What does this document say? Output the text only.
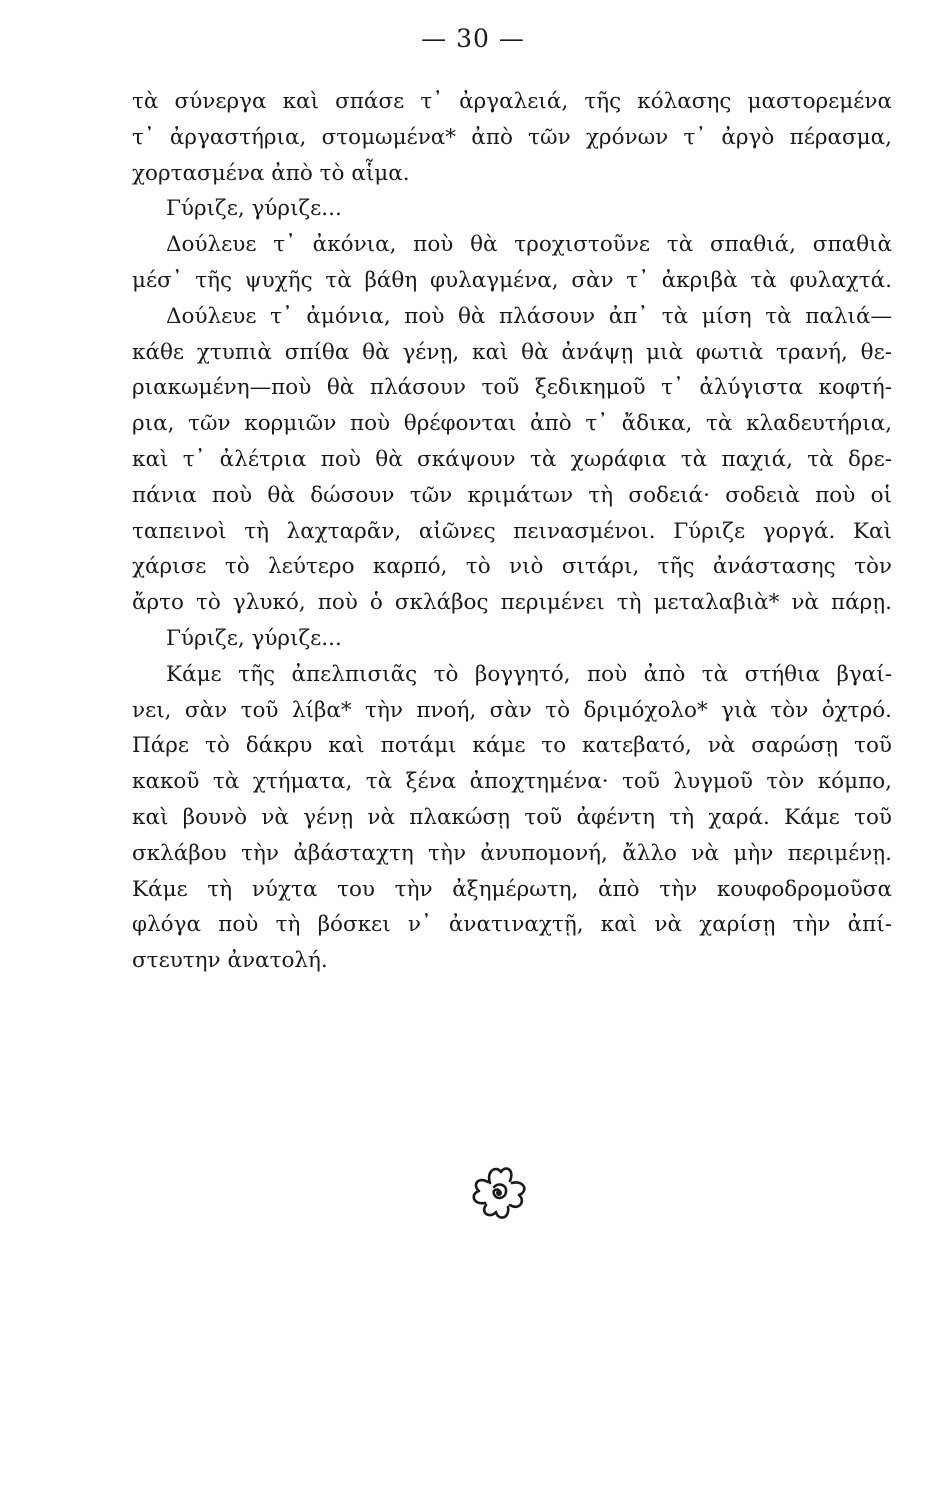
— 30 —
τὰ σύνεργα καὶ σπάσε τ᾽ ἀργαλειά, τῆς κόλασης μαστορεμένα
τ᾽ ἀργαστήρια, στομωμένα* ἀπὸ τῶν χρόνων τ᾽ ἀργὸ πέρασμα,
χορτασμένα ἀπὸ τὸ αἷμα.
Γύριζε, γύριζε...
Δούλευε τ᾽ ἀκόνια, ποὺ θὰ τροχιστοῦνε τὰ σπαθιά, σπαθιὰ
μέσ᾽ τῆς ψυχῆς τὰ βάθη φυλαγμένα, σὰν τ᾽ ἀκριβὰ τὰ φυλαχτά.
Δούλευε τ᾽ ἀμόνια, ποὺ θὰ πλάσουν ἀπ᾽ τὰ μίση τὰ παλιά—
κάθε χτυπιὰ σπίθα θὰ γένῃ, καὶ θὰ ἀνάψῃ μιὰ φωτιὰ τρανή, θε-
ριακωμένη—ποὺ θὰ πλάσουν τοῦ ξεδικημοῦ τ᾽ ἀλύγιστα κοφτή-
ρια, τῶν κορμιῶν ποὺ θρέφονται ἀπὸ τ᾽ ἄδικα, τὰ κλαδευτήρια,
καὶ τ᾽ ἀλέτρια ποὺ θὰ σκάψουν τὰ χωράφια τὰ παχιά, τὰ δρε-
πάνια ποὺ θὰ δώσουν τῶν κριμάτων τὴ σοδειά· σοδειὰ ποὺ οἱ
ταπεινοὶ τὴ λαχταρᾶν, αἰῶνες πεινασμένοι. Γύριζε γοργά. Καὶ
χάρισε τὸ λεύτερο καρπό, τὸ νιὸ σιτάρι, τῆς ἀνάστασης τὸν
ἄρτο τὸ γλυκό, ποὺ ὁ σκλάβος περιμένει τὴ μεταλαβιὰ* νὰ πάρῃ.
Γύριζε, γύριζε...
Κάμε τῆς ἀπελπισιᾶς τὸ βογγητό, ποὺ ἀπὸ τὰ στήθια βγαί-
νει, σὰν τοῦ λίβα* τὴν πνοή, σὰν τὸ δριμόχολο* γιὰ τὸν ὀχτρό.
Πάρε τὸ δάκρυ καὶ ποτάμι κάμε το κατεβατό, νὰ σαρώσῃ τοῦ
κακοῦ τὰ χτήματα, τὰ ξένα ἀποχτημένα· τοῦ λυγμοῦ τὸν κόμπο,
καὶ βουνὸ νὰ γένῃ νὰ πλακώσῃ τοῦ ἀφέντη τὴ χαρά. Κάμε τοῦ
σκλάβου τὴν ἀβάσταχτη τὴν ἀνυπομονή, ἄλλο νὰ μὴν περιμένῃ.
Κάμε τὴ νύχτα του τὴν ἀξημέρωτη, ἀπὸ τὴν κουφοδρομοῦσα
φλόγα ποὺ τὴ βόσκει ν᾽ ἀνατιναχτῇ, καὶ νὰ χαρίσῃ τὴν ἀπί-
στευτην ἀνατολή.
